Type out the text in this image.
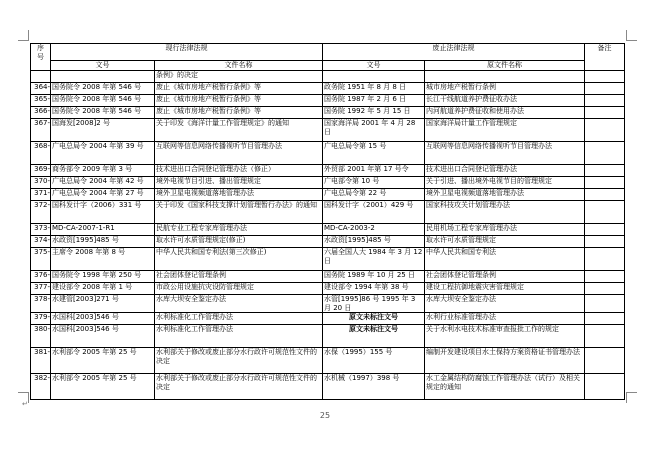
序
号	现行法律法规		废止法律法规		备注
	文号	文件名称	文号	原文件名称	
		条例》的决定			
364-	国务院令 2008 年第 546 号	废止《城市房地产税暂行条例》等	政务院 1951 年 8 月 8 日	城市房地产税暂行条例	
365-	国务院令 2008 年第 546 号	废止《城市房地产税暂行条例》等	国务院 1987 年 2 月 6 日	长江干线航道养护费征收办法	
366-	国务院令 2008 年第 546 号	废止《城市房地产税暂行条例》等	国务院 1992 年 5 月 15 日	内河航道养护费征收和使用办法	
367-	国海发[2008]2 号	关于印发《海洋计量工作管理规定》的通知	国家海洋局 2001 年 4 月 28 日	国家海洋局计量工作管理规定	
368-	广电总局令 2004 年第 39 号	互联网等信息网络传播视听节目管理办法	广电总局令第 15 号	互联网等信息网络传播视听节目管理办法	
369-	商务部令 2009 年第 3 号	技术进出口合同登记管理办法（修正）	外贸部 2001 年第 17 号令	技术进出口合同登记管理办法	
370-	广电总局令 2004 年第 42 号	境外电视节目引进、播出管理规定	广电部令第 10 号	关于引进、播出境外电视节目的管理规定	
371-	广电总局令 2004 年第 27 号	境外卫星电视频道落地管理办法	广电总局令第 22 号	境外卫星电视频道落地管理办法	
372-	国科发计字（2006）331 号	关于印发《国家科技支撑计划管理暂行办法》的通知	国科发计字（2001）429 号	国家科技攻关计划管理办法	
373-	MD-CA-2007-1-R1	民航专业工程专家库管理办法	MD-CA-2003-2	民用机场工程专家库管理办法	
374-	水政资[1995]485 号	取水许可水质管理规定(修正)	水政资[1995]485 号	取水许可水质管理规定	
375-	主席令 2008 年第 8 号	中华人民共和国专利法(第三次修正)	六届全国人大 1984 年 3 月 12 日	中华人民共和国专利法	
376-	国务院令 1998 年第 250 号	社会团体登记管理条例	国务院 1989 年 10 月 25 日	社会团体登记管理条例	
377-	建设部令 2008 年第 1 号	市政公用设施抗灾设防管理规定	建设部令 1994 年第 38 号	建设工程抗御地震灾害管理规定	
378-	水建管[2003]271 号	水库大坝安全鉴定办法	水管[1995]86 号 1995 年 3 月 20 日	水库大坝安全鉴定办法	
379-	水国科[2003]546 号	水利标准化工作管理办法	原文未标注文号	水利行业标准管理办法	
380-	水国科[2003]546 号	水利标准化工作管理办法	原文未标注文号	关于水利水电技术标准审查报批工作的规定	
381-	水利部令 2005 年第 25 号	水利部关于修改或废止部分水行政许可规范性文件的决定	水保（1995）155 号	编制开发建设项目水土保持方案资格证书管理办法	
382-	水利部令 2005 年第 25 号	水利部关于修改或废止部分水行政许可规范性文件的决定	水机械（1997）398 号	水工金属结构防腐蚀工作管理办法（试行）及相关规定的通知	
↵
25
